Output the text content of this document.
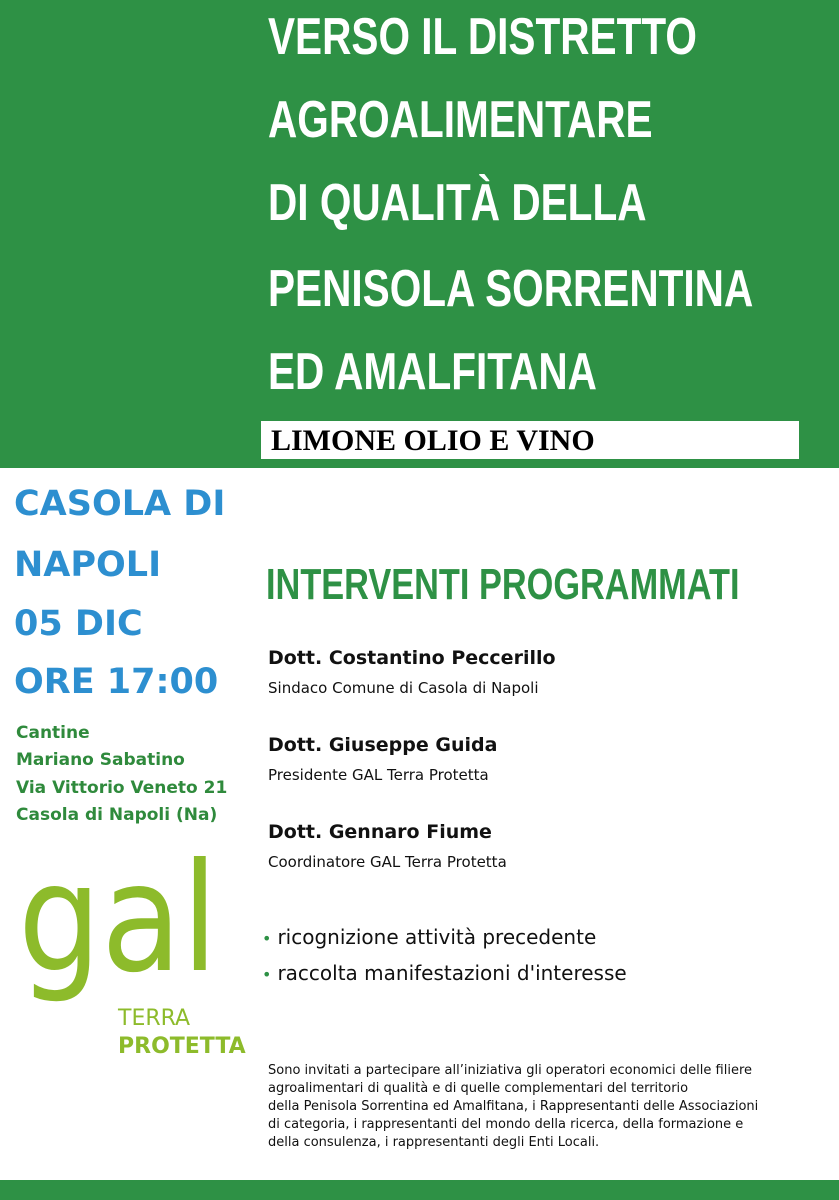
VERSO IL DISTRETTO
AGROALIMENTARE
DI QUALITÀ DELLA
PENISOLA SORRENTINA
ED AMALFITANA
LIMONE OLIO E VINO
CASOLA DI
NAPOLI
05 DIC
ORE 17:00
Cantine
Mariano Sabatino
Via Vittorio Veneto 21
Casola di Napoli (Na)
gal
TERRA
PROTETTA
INTERVENTI PROGRAMMATI
Dott. Costantino Peccerillo
Sindaco Comune di Casola di Napoli
Dott. Giuseppe Guida
Presidente GAL Terra Protetta
Dott. Gennaro Fiume
Coordinatore GAL Terra Protetta
• ricognizione attività precedente
• raccolta manifestazioni d'interesse
Sono invitati a partecipare all’iniziativa gli operatori economici delle filiere
agroalimentari di qualità e di quelle complementari del territorio
della Penisola Sorrentina ed Amalfitana, i Rappresentanti delle Associazioni
di categoria, i rappresentanti del mondo della ricerca, della formazione e
della consulenza, i rappresentanti degli Enti Locali.
